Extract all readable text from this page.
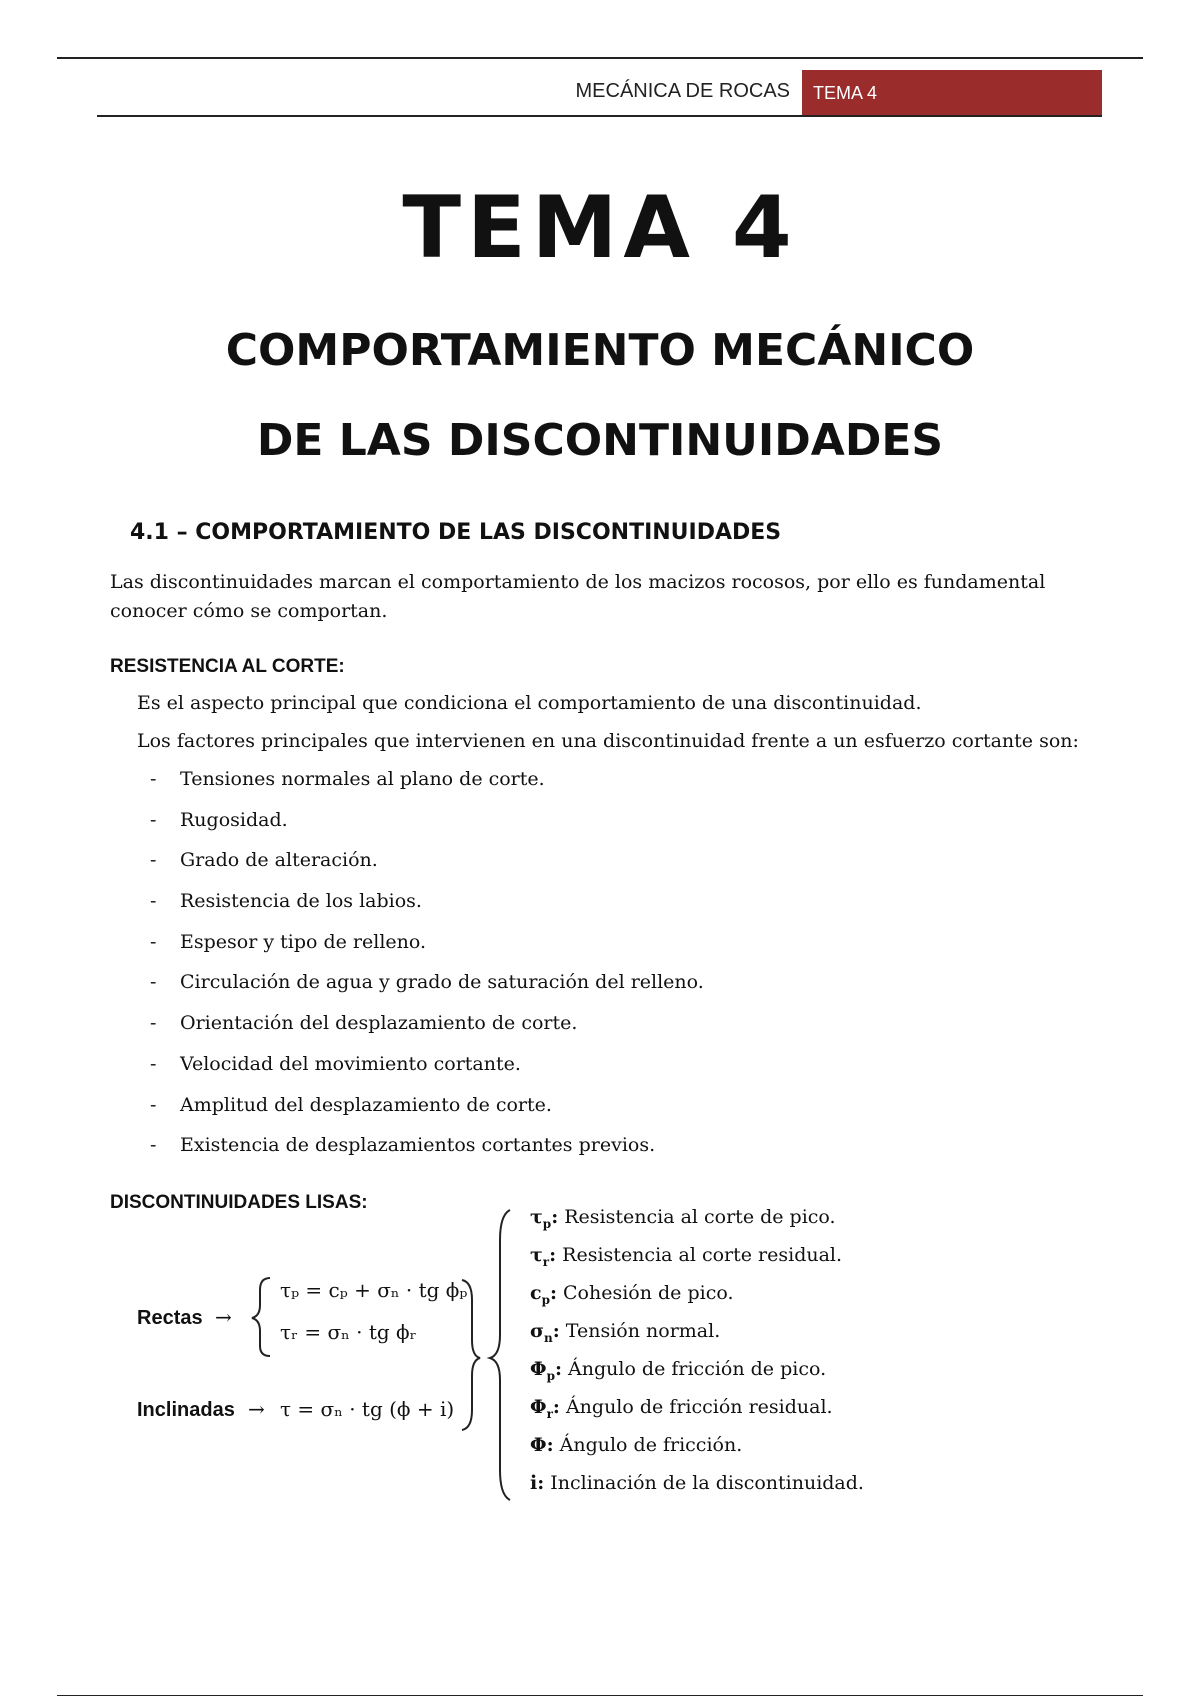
MECÁNICA DE ROCAS	TEMA 4
TEMA 4
COMPORTAMIENTO MECÁNICO
DE LAS DISCONTINUIDADES
4.1 – COMPORTAMIENTO DE LAS DISCONTINUIDADES
Las discontinuidades marcan el comportamiento de los macizos rocosos, por ello es fundamental conocer cómo se comportan.
RESISTENCIA AL CORTE:
Es el aspecto principal que condiciona el comportamiento de una discontinuidad.
Los factores principales que intervienen en una discontinuidad frente a un esfuerzo cortante son:
- Tensiones normales al plano de corte.
- Rugosidad.
- Grado de alteración.
- Resistencia de los labios.
- Espesor y tipo de relleno.
- Circulación de agua y grado de saturación del relleno.
- Orientación del desplazamiento de corte.
- Velocidad del movimiento cortante.
- Amplitud del desplazamiento de corte.
- Existencia de desplazamientos cortantes previos.
DISCONTINUIDADES LISAS:
Rectas →
τₚ = cₚ + σₙ · tg ϕₚ
τᵣ = σₙ · tg ϕᵣ
Inclinadas → τ = σₙ · tg (ϕ + i)
$\tau_p$: Resistencia al corte de pico.
$\tau_r$: Resistencia al corte residual.
$c_p$: Cohesión de pico.
$\sigma_n$: Tensión normal.
$\Phi_p$: Ángulo de fricción de pico.
$\Phi_r$: Ángulo de fricción residual.
Φ: Ángulo de fricción.
i: Inclinación de la discontinuidad.
